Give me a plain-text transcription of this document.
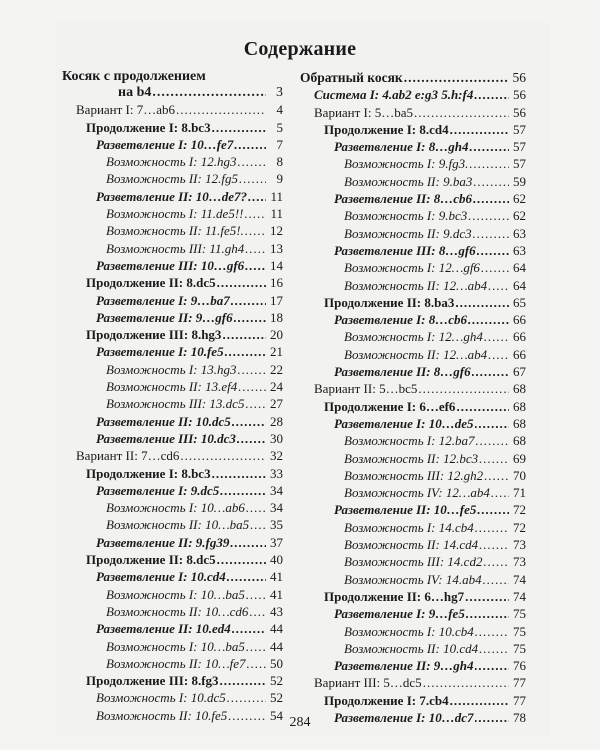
Содержание
Косяк с продолжением
на b4 .....	3
Вариант I: 7…ab6 .....	4
Продолжение I: 8.bc3 .....	5
Разветвление I: 10…fe7 .....	7
Возможность I: 12.hg3 .....	8
Возможность II: 12.fg5 .....	9
Разветвление II: 10…de7? ..... 11
Возможность I: 11.de5!! ..... 11
Возможность II: 11.fe5!. ..... 12
Возможность III: 11.gh4 ..... 13
Разветвление III: 10…gf6 ..... 14
Продолжение II: 8.dc5 .....	16
Разветвление I: 9…ba7 .....	17
Разветвление II: 9…gf6 .....	18
Продолжение III: 8.hg3 .....	20
Разветвление I: 10.fe5 .....	21
Возможность I: 13.hg3 .....	22
Возможность II: 13.ef4 .....	24
Возможность III: 13.dc5 ..... 27
Разветвление II: 10.dc5 .....	28
Разветвление III: 10.dc3 .....	30
Вариант II: 7…cd6 .....	32
Продолжение I: 8.bc3 .....	33
Разветвление I: 9.dc5 .....	34
Возможность I: 10…ab6 ..... 34
Возможность II: 10…ba5 ..... 35
Разветвление II: 9.fg39 .....	37
Продолжение II: 8.dc5 .....	40
Разветвление I: 10.cd4 .....	41
Возможность I: 10…ba5 ..... 41
Возможность II: 10…cd6 ..... 43
Разветвление II: 10.ed4 .....	44
Возможность I: 10…ba5 ..... 44
Возможность II: 10…fe7 ..... 50
Продолжение III: 8.fg3 .....	52
Возможность I: 10.dc5 .....	52
Возможность II: 10.fe5 .....	54
Обратный косяк .....	56
Система I: 4.ab2 e:g3 5.h:f4 .....	56
Вариант I: 5…ba5 .....	56
Продолжение I: 8.cd4 .....	57
Разветвление I: 8…gh4 .....	57
Возможность I: 9.fg3. .....	57
Возможность II: 9.ba3 .....	59
Разветвление II: 8…cb6 .....	62
Возможность I: 9.bc3 .....	62
Возможность II: 9.dc3 .....	63
Разветвление III: 8…gf6 .....	63
Возможность I: 12…gf6 .....	64
Возможность II: 12…ab4 ..... 64
Продолжение II: 8.ba3 .....	65
Разветвление I: 8…cb6 .....	66
Возможность I: 12…gh4 ..... 66
Возможность II: 12…ab4 ..... 66
Разветвление II: 8…gf6 .....	67
Вариант II: 5…bc5 .....	68
Продолжение I: 6…ef6 .....	68
Разветвление I: 10…de5 .....	68
Возможность I: 12.ba7 .....	68
Возможность II: 12.bc3 .....	69
Возможность III: 12.gh2 ..... 70
Возможность IV: 12…ab4 ..... 71
Разветвление II: 10…fe5 .....	72
Возможность I: 14.cb4 .....	72
Возможность II: 14.cd4 .....	73
Возможность III: 14.cd2 ..... 73
Возможность IV: 14.ab4 ..... 74
Продолжение II: 6…hg7 .....	74
Разветвление I: 9…fe5 .....	75
Возможность I: 10.cb4 .....	75
Возможность II: 10.cd4 .....	75
Разветвление II: 9…gh4 .....	76
Вариант III: 5…dc5 .....	77
Продолжение I: 7.cb4 .....	77
Разветвление I: 10…dc7 .....	78
284
